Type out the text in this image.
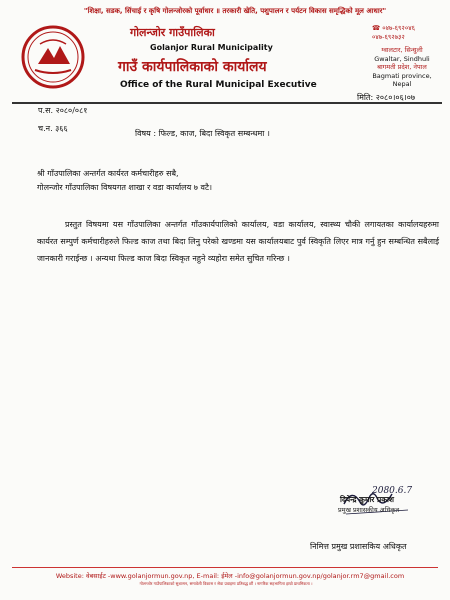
"शिक्षा, सडक, सिंचाई र कृषि गोलन्जोरको पूर्वाधार ॥ तरकारी खेति, पशुपालन र पर्यटन विकास समृद्धिको मूल आधार"
गोलन्जोर गाउँपालिका
Golanjor Rural Municipality
गाउँ कार्यपालिकाको कार्यालय
Office of the Rural Municipal Executive
☎ ०४७-६९२०४६
०४७-६९२७३२
ग्वालटार, सिन्धुली
Gwaltar, Sindhuli
बागमती प्रदेश, नेपाल
Bagmati province, Nepal
मिति: २०८०।०६।०७
प.स. २०८०/०८१
च.न. ३६६
विषय : फिल्ड, काज, बिदा स्विकृत सम्बन्धमा ।
श्री गाँउपालिका अन्तर्गत कार्यरत कर्मचारीहरु सबै,
गोलन्जोर गाँउपालिका विषयगत शाखा र वडा कार्यालय ७ वटै।
प्रस्तुत विषयमा यस गाँउपालिका अन्तर्गत गाँउकार्यपालिको कार्यालय, वडा कार्यालय, स्वास्थ्य चौकी लगायतका कार्यालयहरुमा कार्यरत सम्पुर्ण कर्मचारीहरुले फिल्ड काज तथा बिदा लिनु परेको खण्डमा यस कार्यालयबाट पुर्व स्विकृति लिएर मात्र गर्नु हुन सम्बन्धित सबैलाई जानकारी गराईन्छ । अन्यथा फिल्ड काज बिदा स्विकृत नहुने व्यहोरा समेत सुचित गरिन्छ ।
2080.6.7
दिपेन्द्र कुमार प्रकाश
प्रमुख प्रशासकीय अधिकृत
निमित्त प्रमुख प्रशासकिय अधिकृत
Website: वेबसाईट -www.golanjormun.gov.np, E-mail: ईमेल -info@golanjormun.gov.np/golanjor.rm7@gmail.com
गोलन्जोर गाउँपालिकाको सुशासन, समावेशी विकास र सेवा प्रवाहमा प्रतिबद्ध छौं । नागरिक सहभागिता हाम्रो प्राथमिकता ।
